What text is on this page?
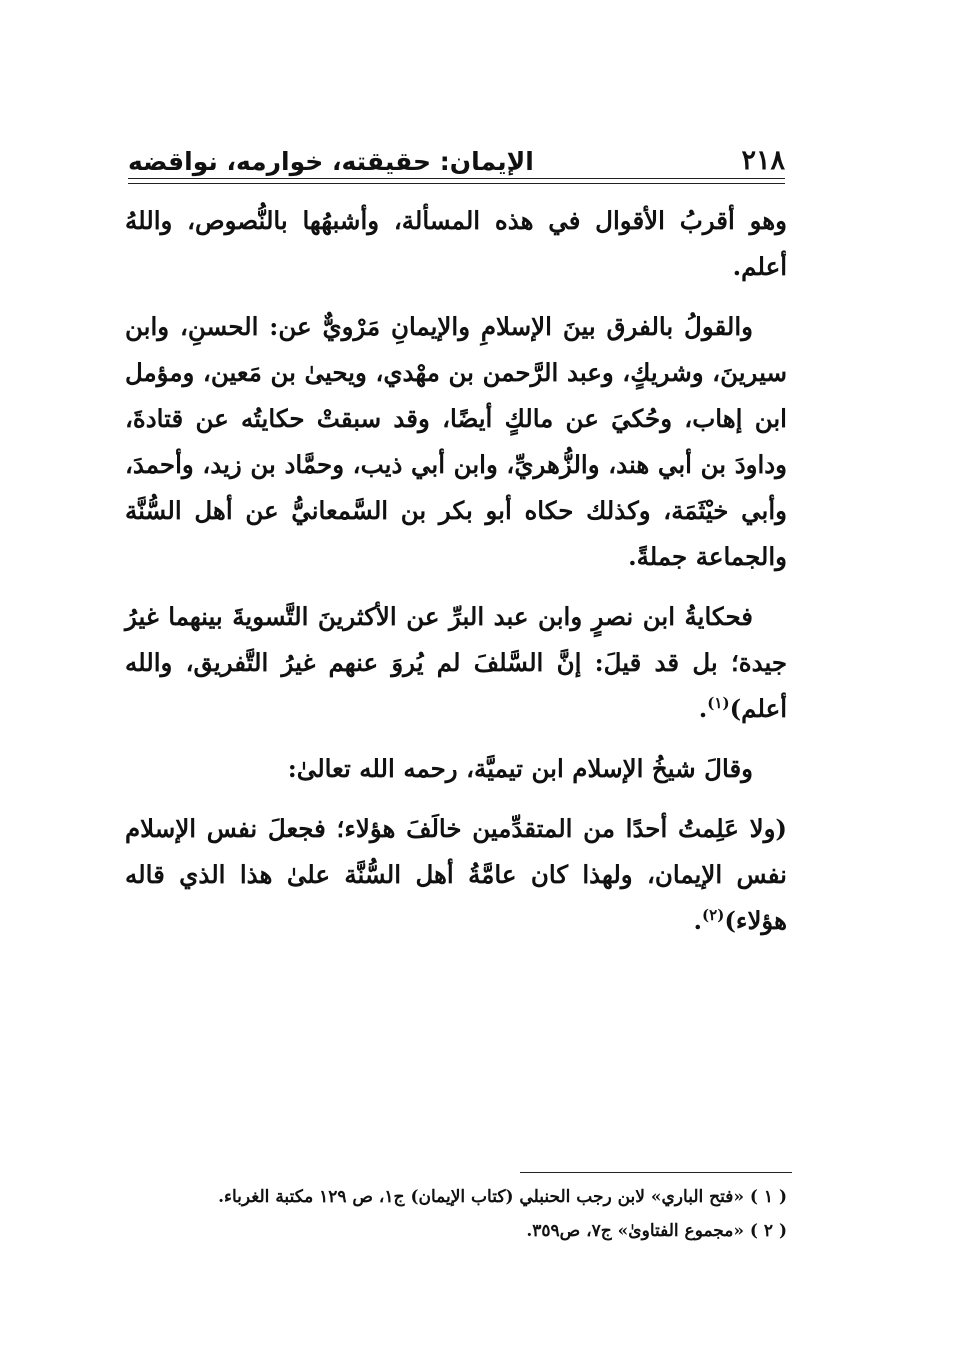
الإيمان: حقيقته، خوارمه، نواقضه	٢١٨

وهو أقربُ الأقوال في هذه المسألة، وأشبهُها بالنُّصوص، واللهُ أعلم.

والقولُ بالفرق بينَ الإسلامِ والإيمانِ مَرْويٌّ عن: الحسنِ، وابن سيرينَ، وشريكٍ، وعبد الرَّحمن بن مهْدي، ويحيىٰ بن مَعين، ومؤمل ابن إهاب، وحُكيَ عن مالكٍ أيضًا، وقد سبقتْ حكايتُه عن قتادةَ، وداودَ بن أبي هند، والزُّهريِّ، وابن أبي ذيب، وحمَّاد بن زيد، وأحمدَ، وأبي خيْثَمَة، وكذلك حكاه أبو بكر بن السَّمعانيُّ عن أهل السُّنَّة والجماعة جملةً.

فحكايةُ ابن نصرٍ وابن عبد البرِّ عن الأكثرينَ التَّسويةَ بينهما غيرُ جيدة؛ بل قد قيلَ: إنَّ السَّلفَ لم يُروَ عنهم غيرُ التَّفريق، والله أعلم)$^{(١)}$.

وقالَ شيخُ الإسلام ابن تيميَّة، رحمه الله تعالىٰ:

(ولا عَلِمتُ أحدًا من المتقدِّمين خالَفَ هؤلاء؛ فجعلَ نفس الإسلام نفس الإيمان، ولهذا كان عامَّةُ أهل السُّنَّة علىٰ هذا الذي قاله هؤلاء)$^{(٢)}$.

( ١ ) «فتح الباري» لابن رجب الحنبلي (كتاب الإيمان) ج١، ص ١٢٩ مكتبة الغرباء.

( ٢ ) «مجموع الفتاوىٰ» ج٧، ص٣٥٩.
